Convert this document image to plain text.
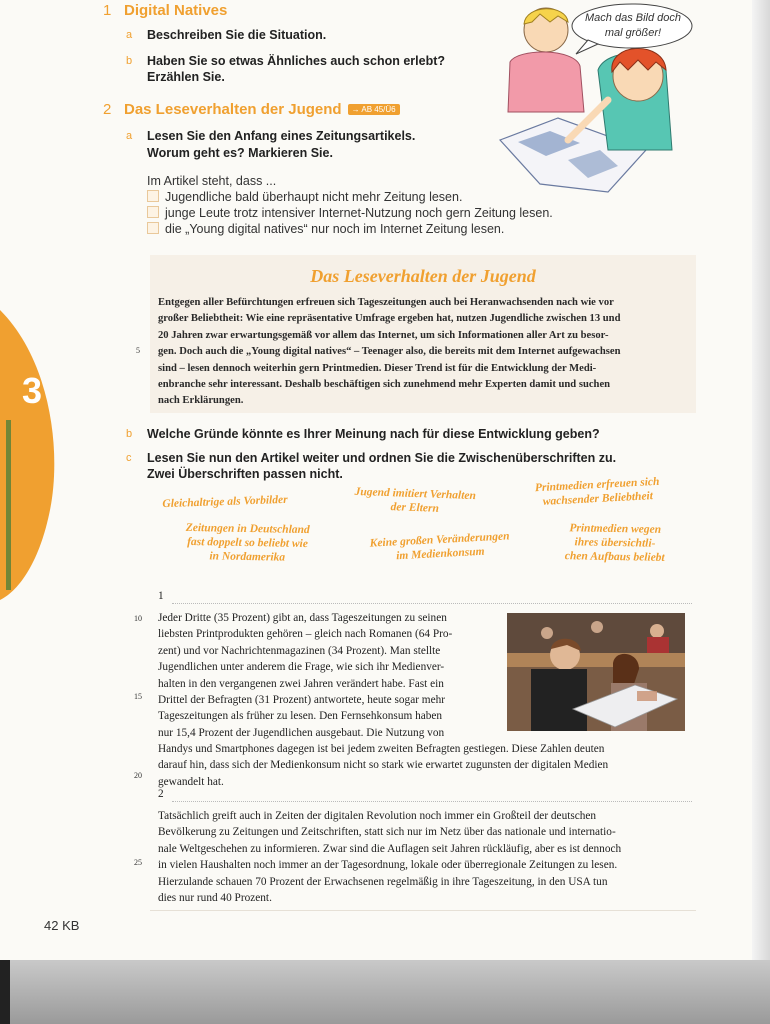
3
1 Digital Natives
a Beschreiben Sie die Situation.
b Haben Sie so etwas Ähnliches auch schon erlebt?
Erzählen Sie.
Mach das Bild doch
mal größer!
2 Das Leseverhalten der Jugend → AB 45/Ü6
a Lesen Sie den Anfang eines Zeitungsartikels.
Worum geht es? Markieren Sie.
Im Artikel steht, dass ...
Jugendliche bald überhaupt nicht mehr Zeitung lesen.
junge Leute trotz intensiver Internet-Nutzung noch gern Zeitung lesen.
die „Young digital natives“ nur noch im Internet Zeitung lesen.
Das Leseverhalten der Jugend
Entgegen aller Befürchtungen erfreuen sich Tageszeitungen auch bei Heranwachsenden nach wie vor
großer Beliebtheit: Wie eine repräsentative Umfrage ergeben hat, nutzen Jugendliche zwischen 13 und
20 Jahren zwar erwartungsgemäß vor allem das Internet, um sich Informationen aller Art zu besor-
gen. Doch auch die „Young digital natives“ – Teenager also, die bereits mit dem Internet aufgewachsen
sind – lesen dennoch weiterhin gern Printmedien. Dieser Trend ist für die Entwicklung der Medi-
enbranche sehr interessant. Deshalb beschäftigen sich zunehmend mehr Experten damit und suchen
nach Erklärungen.
5
b Welche Gründe könnte es Ihrer Meinung nach für diese Entwicklung geben?
c Lesen Sie nun den Artikel weiter und ordnen Sie die Zwischenüberschriften zu.
Zwei Überschriften passen nicht.
Gleichaltrige als Vorbilder	Jugend imitiert Verhalten
der Eltern
Printmedien erfreuen sich
wachsender Beliebtheit
Zeitungen in Deutschland
fast doppelt so beliebt wie
in Nordamerika
Keine großen Veränderungen
im Medienkonsum
Printmedien wegen
ihres übersichtli-
chen Aufbaus beliebt
1
Jeder Dritte (35 Prozent) gibt an, dass Tageszeitungen zu seinen
liebsten Printprodukten gehören – gleich nach Romanen (64 Pro-
zent) und vor Nachrichtenmagazinen (34 Prozent). Man stellte
Jugendlichen unter anderem die Frage, wie sich ihr Medienver-
halten in den vergangenen zwei Jahren verändert habe. Fast ein
Drittel der Befragten (31 Prozent) antwortete, heute sogar mehr
Tageszeitungen als früher zu lesen. Den Fernsehkonsum haben
nur 15,4 Prozent der Jugendlichen ausgebaut. Die Nutzung von
Handys und Smartphones dagegen ist bei jedem zweiten Befragten gestiegen. Diese Zahlen deuten
darauf hin, dass sich der Medienkonsum nicht so stark wie erwartet zugunsten der digitalen Medien
gewandelt hat.
10
15
20
2
Tatsächlich greift auch in Zeiten der digitalen Revolution noch immer ein Großteil der deutschen
Bevölkerung zu Zeitungen und Zeitschriften, statt sich nur im Netz über das nationale und internatio-
nale Weltgeschehen zu informieren. Zwar sind die Auflagen seit Jahren rückläufig, aber es ist dennoch
in vielen Haushalten noch immer an der Tagesordnung, lokale oder überregionale Zeitungen zu lesen.
Hierzulande schauen 70 Prozent der Erwachsenen regelmäßig in ihre Tageszeitung, in den USA tun
dies nur rund 40 Prozent.
25
42 KB
